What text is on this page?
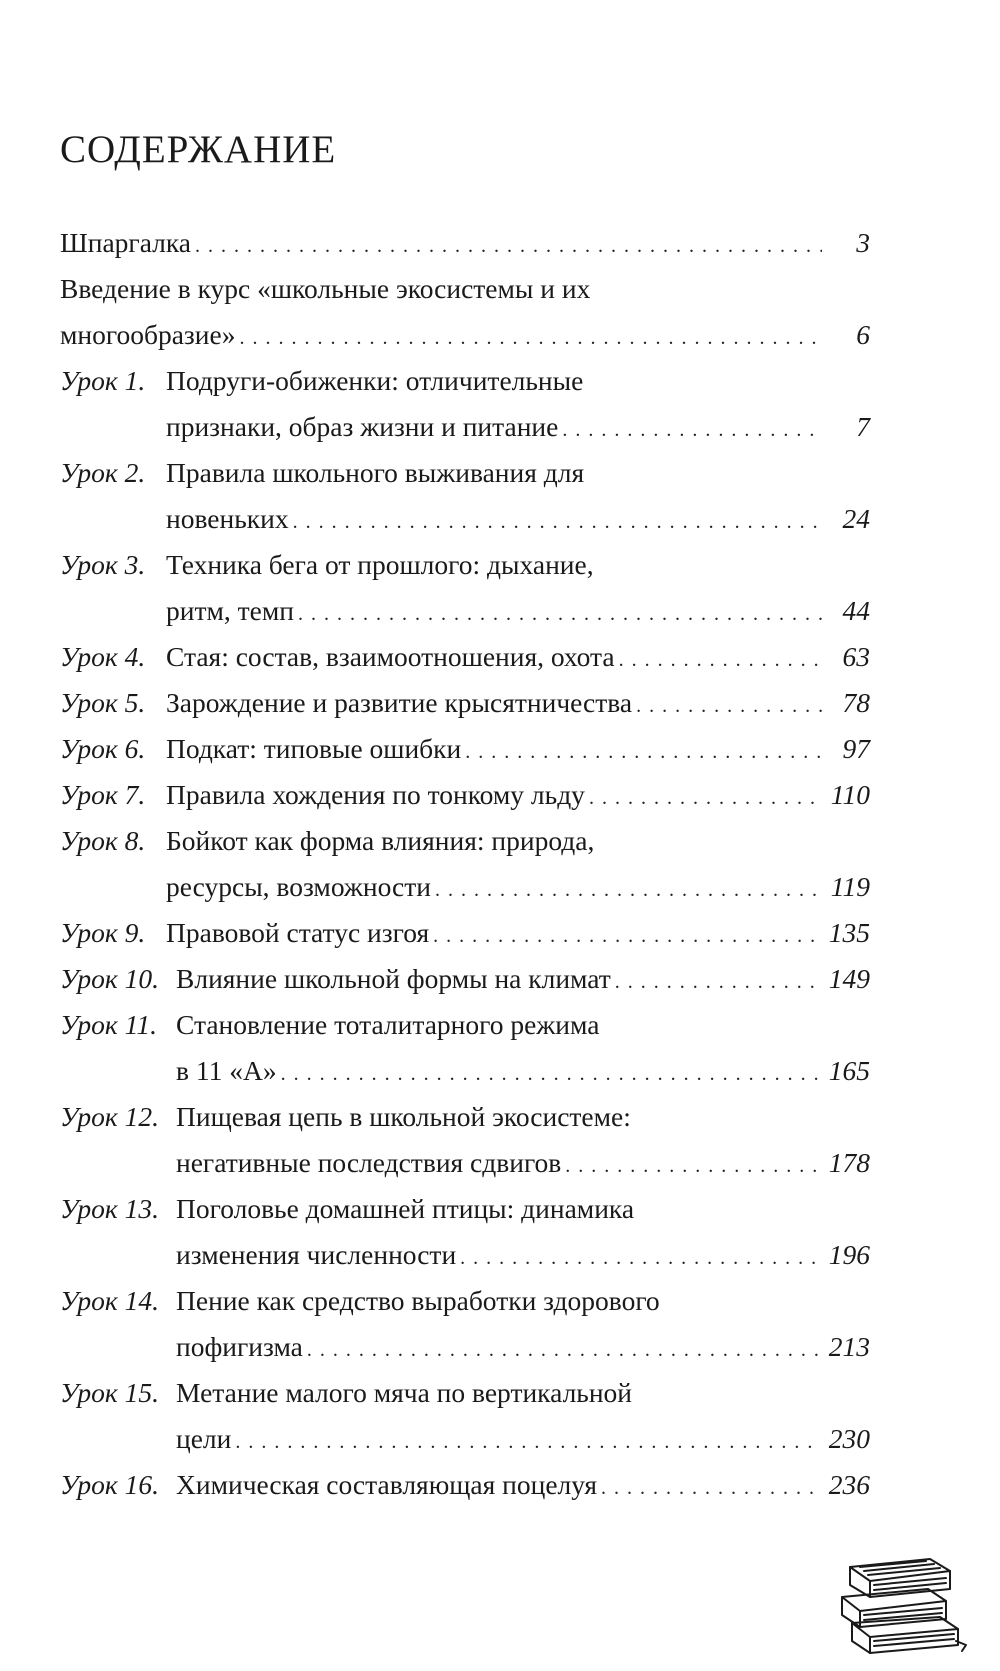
СОДЕРЖАНИЕ
Шпаргалка . . .	3
Введение в курс «школьные экосистемы и их
многообразие» . . .	6
Урок 1. Подруги-обиженки: отличительные
признаки, образ жизни и питание . . .	7
Урок 2. Правила школьного выживания для
новеньких . . .	24
Урок 3. Техника бега от прошлого: дыхание,
ритм, темп . . .	44
Урок 4. Стая: состав, взаимоотношения, охота . . .	63
Урок 5. Зарождение и развитие крысятничества . . .	78
Урок 6. Подкат: типовые ошибки . . .	97
Урок 7. Правила хождения по тонкому льду . . .	110
Урок 8. Бойкот как форма влияния: природа,
ресурсы, возможности . . .	119
Урок 9. Правовой статус изгоя . . .	135
Урок 10. Влияние школьной формы на климат . . .	149
Урок 11. Становление тоталитарного режима
в 11 «А» . . .	165
Урок 12. Пищевая цепь в школьной экосистеме:
негативные последствия сдвигов . . .	178
Урок 13. Поголовье домашней птицы: динамика
изменения численности . . .	196
Урок 14. Пение как средство выработки здорового
пофигизма . . .	213
Урок 15. Метание малого мяча по вертикальной
цели . . .	230
Урок 16. Химическая составляющая поцелуя . . .	236
